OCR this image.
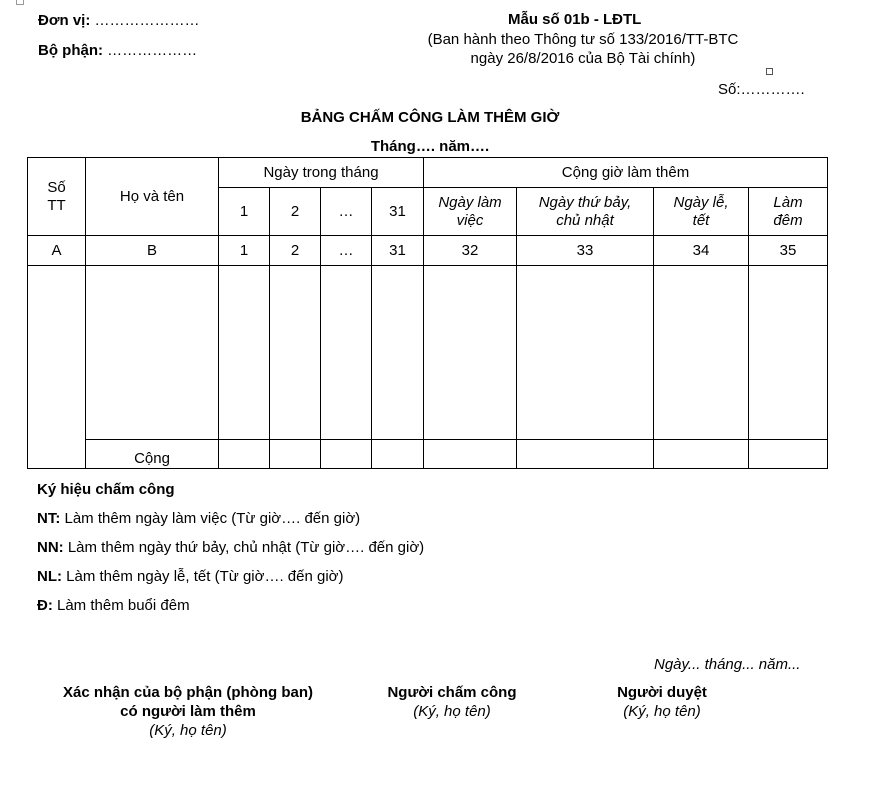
Đơn vị: …………………
Bộ phận: ………………
Mẫu số 01b - LĐTL
(Ban hành theo Thông tư số 133/2016/TT-BTC
ngày 26/8/2016 của Bộ Tài chính)
Số:………….
BẢNG CHẤM CÔNG LÀM THÊM GIỜ
Tháng…. năm….
Số TT	Họ và tên	Ngày trong tháng				Cộng giờ làm thêm			
		1	2	…	31	Ngày làm việc	Ngày thứ bảy, chủ nhật	Ngày lễ, tết	Làm đêm
A	B	1	2	…	31	32	33	34	35

	Cộng								
Ký hiệu chấm công
NT: Làm thêm ngày làm việc (Từ giờ…. đến giờ)
NN: Làm thêm ngày thứ bảy, chủ nhật (Từ giờ…. đến giờ)
NL: Làm thêm ngày lễ, tết (Từ giờ…. đến giờ)
Đ: Làm thêm buổi đêm
Ngày... tháng... năm...
Xác nhận của bộ phận (phòng ban)
có người làm thêm
(Ký, họ tên)
Người chấm công
(Ký, họ tên)
Người duyệt
(Ký, họ tên)
